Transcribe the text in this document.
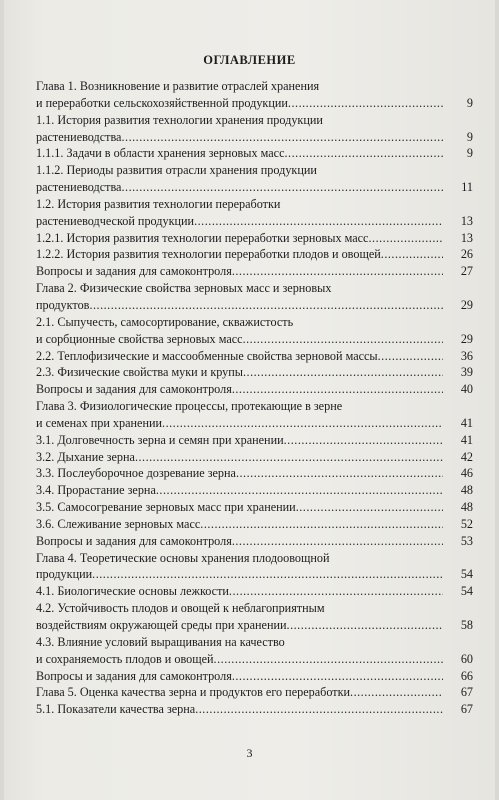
ОГЛАВЛЕНИЕ
Глава 1. Возникновение и развитие отраслей хранения
и переработки сельскохозяйственной продукции .....	9
1.1. История развития технологии хранения продукции
растениеводства .....	9
1.1.1. Задачи в области хранения зерновых масс .....	9
1.1.2. Периоды развития отрасли хранения продукции
растениеводства .....	11
1.2. История развития технологии переработки
растениеводческой продукции .....	13
1.2.1. История развития технологии переработки зерновых масс .....	13
1.2.2. История развития технологии переработки плодов и овощей .....	26
Вопросы и задания для самоконтроля .....	27
Глава 2. Физические свойства зерновых масс и зерновых
продуктов .....	29
2.1. Сыпучесть, самосортирование, скважистость
и сорбционные свойства зерновых масс .....	29
2.2. Теплофизические и массообменные свойства зерновой массы .....	36
2.3. Физические свойства муки и крупы .....	39
Вопросы и задания для самоконтроля .....	40
Глава 3. Физиологические процессы, протекающие в зерне
и семенах при хранении .....	41
3.1. Долговечность зерна и семян при хранении .....	41
3.2. Дыхание зерна .....	42
3.3. Послеуборочное дозревание зерна .....	46
3.4. Прорастание зерна .....	48
3.5. Самосогревание зерновых масс при хранении .....	48
3.6. Слеживание зерновых масс .....	52
Вопросы и задания для самоконтроля .....	53
Глава 4. Теоретические основы хранения плодоовощной
продукции .....	54
4.1. Биологические основы лежкости .....	54
4.2. Устойчивость плодов и овощей к неблагоприятным
воздействиям окружающей среды при хранении .....	58
4.3. Влияние условий выращивания на качество
и сохраняемость плодов и овощей .....	60
Вопросы и задания для самоконтроля .....	66
Глава 5. Оценка качества зерна и продуктов его переработки .....	67
5.1. Показатели качества зерна .....	67
3
